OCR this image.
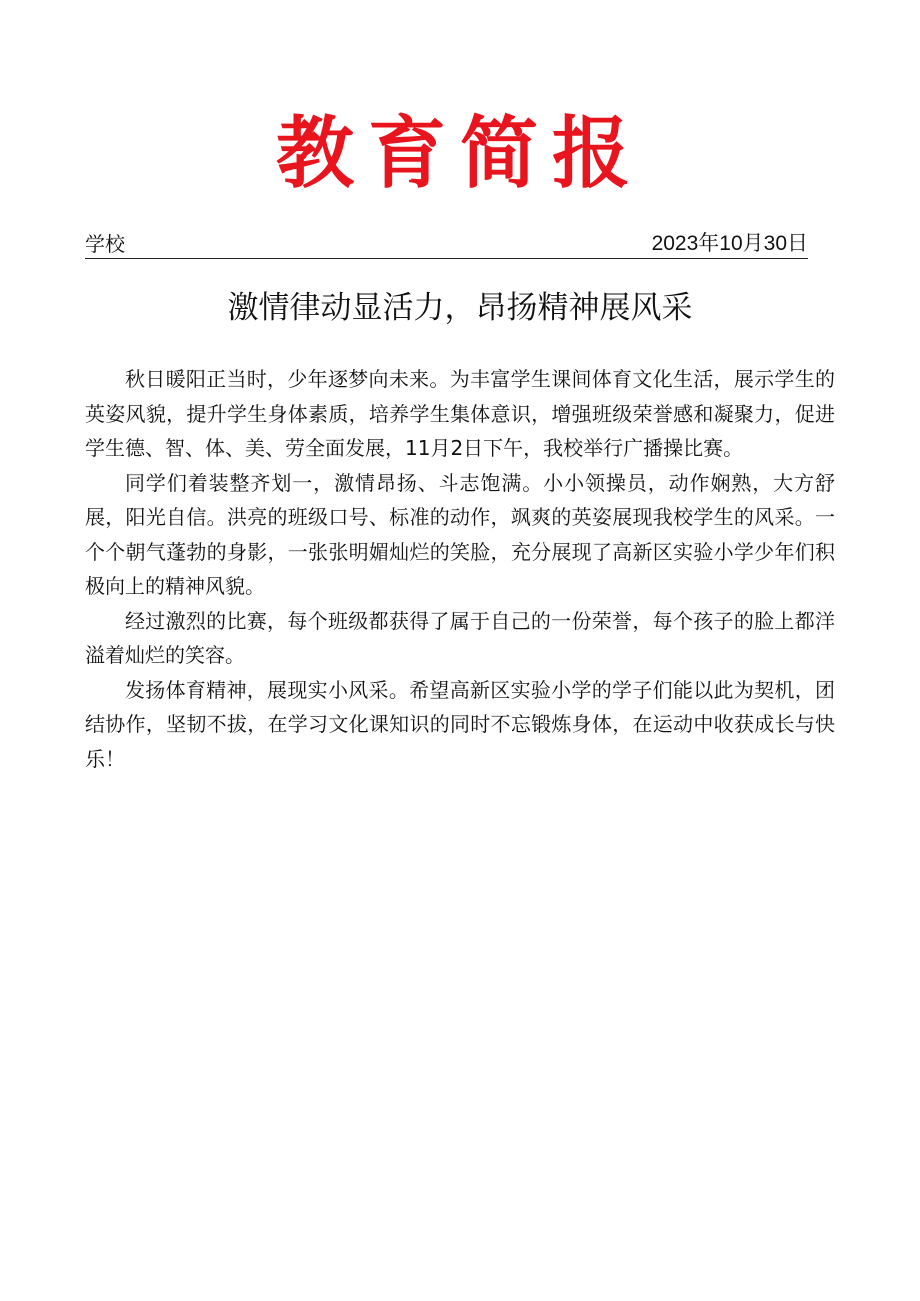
教育简报
学校	2023年10月30日
激情律动显活力，昂扬精神展风采

秋日暖阳正当时，少年逐梦向未来。为丰富学生课间体育文化生活，展示学生的英姿风貌，提升学生身体素质，培养学生集体意识，增强班级荣誉感和凝聚力，促进学生德、智、体、美、劳全面发展，11月2日下午，我校举行广播操比赛。

同学们着装整齐划一，激情昂扬、斗志饱满。小小领操员，动作娴熟，大方舒展，阳光自信。洪亮的班级口号、标准的动作，飒爽的英姿展现我校学生的风采。一个个朝气蓬勃的身影，一张张明媚灿烂的笑脸，充分展现了高新区实验小学少年们积极向上的精神风貌。

经过激烈的比赛，每个班级都获得了属于自己的一份荣誉，每个孩子的脸上都洋溢着灿烂的笑容。

发扬体育精神，展现实小风采。希望高新区实验小学的学子们能以此为契机，团结协作，坚韧不拔，在学习文化课知识的同时不忘锻炼身体，在运动中收获成长与快乐！
